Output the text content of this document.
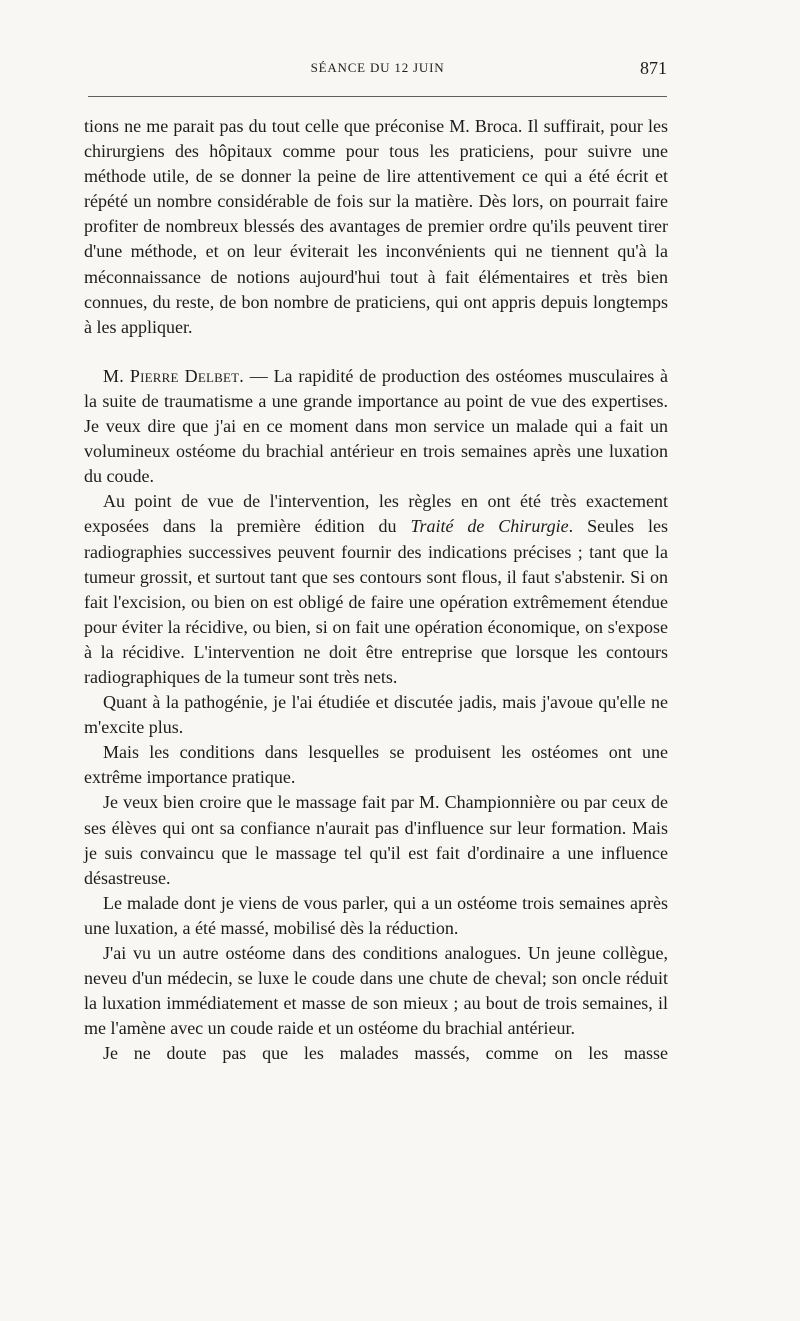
SÉANCE DU 12 JUIN	871

tions ne me parait pas du tout celle que préconise M. Broca. Il suffirait, pour les chirurgiens des hôpitaux comme pour tous les praticiens, pour suivre une méthode utile, de se donner la peine de lire attentivement ce qui a été écrit et répété un nombre considérable de fois sur la matière. Dès lors, on pourrait faire profiter de nombreux blessés des avantages de premier ordre qu'ils peuvent tirer d'une méthode, et on leur éviterait les inconvénients qui ne tiennent qu'à la méconnaissance de notions aujourd'hui tout à fait élémentaires et très bien connues, du reste, de bon nombre de praticiens, qui ont appris depuis longtemps à les appliquer.

M. Pierre Delbet. — La rapidité de production des ostéomes musculaires à la suite de traumatisme a une grande importance au point de vue des expertises. Je veux dire que j'ai en ce moment dans mon service un malade qui a fait un volumineux ostéome du brachial antérieur en trois semaines après une luxation du coude.

Au point de vue de l'intervention, les règles en ont été très exactement exposées dans la première édition du Traité de Chirurgie. Seules les radiographies successives peuvent fournir des indications précises ; tant que la tumeur grossit, et surtout tant que ses contours sont flous, il faut s'abstenir. Si on fait l'excision, ou bien on est obligé de faire une opération extrêmement étendue pour éviter la récidive, ou bien, si on fait une opération économique, on s'expose à la récidive. L'intervention ne doit être entreprise que lorsque les contours radiographiques de la tumeur sont très nets.

Quant à la pathogénie, je l'ai étudiée et discutée jadis, mais j'avoue qu'elle ne m'excite plus.

Mais les conditions dans lesquelles se produisent les ostéomes ont une extrême importance pratique.

Je veux bien croire que le massage fait par M. Championnière ou par ceux de ses élèves qui ont sa confiance n'aurait pas d'influence sur leur formation. Mais je suis convaincu que le massage tel qu'il est fait d'ordinaire a une influence désastreuse.

Le malade dont je viens de vous parler, qui a un ostéome trois semaines après une luxation, a été massé, mobilisé dès la réduction.

J'ai vu un autre ostéome dans des conditions analogues. Un jeune collègue, neveu d'un médecin, se luxe le coude dans une chute de cheval; son oncle réduit la luxation immédiatement et masse de son mieux ; au bout de trois semaines, il me l'amène avec un coude raide et un ostéome du brachial antérieur.

Je ne doute pas que les malades massés, comme on les masse
